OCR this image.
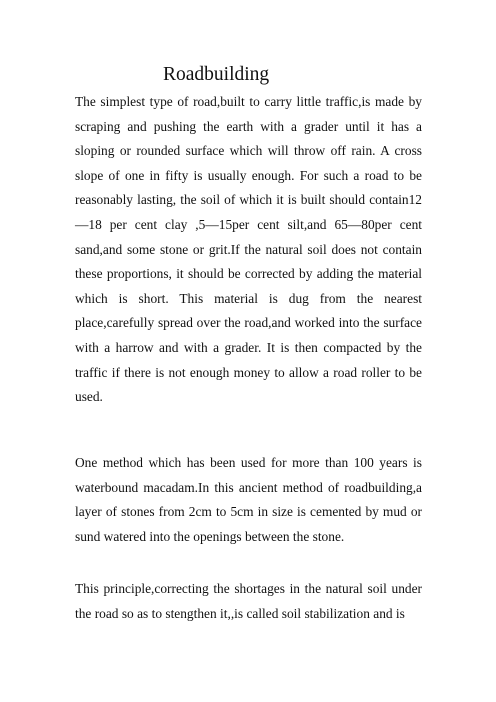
Roadbuilding

The simplest type of road,built to carry little traffic,is made by scraping and pushing the earth with a grader until it has a sloping or rounded surface which will throw off rain. A cross slope of one in fifty is usually enough. For such a road to be reasonably lasting, the soil of which it is built should contain12—18 per cent clay ,5—15per cent silt,and 65—80per cent sand,and some stone or grit.If the natural soil does not contain these proportions, it should be corrected by adding the material which is short. This material is dug from the nearest place,carefully spread over the road,and worked into the surface with a harrow and with a grader. It is then compacted by the traffic if there is not enough money to allow a road roller to be used.

One method which has been used for more than 100 years is waterbound macadam.In this ancient method of roadbuilding,a layer of stones from 2cm to 5cm in size is cemented by mud or sund watered into the openings between the stone.

This principle,correcting the shortages in the natural soil under the road so as to stengthen it,,is called soil stabilization and is
